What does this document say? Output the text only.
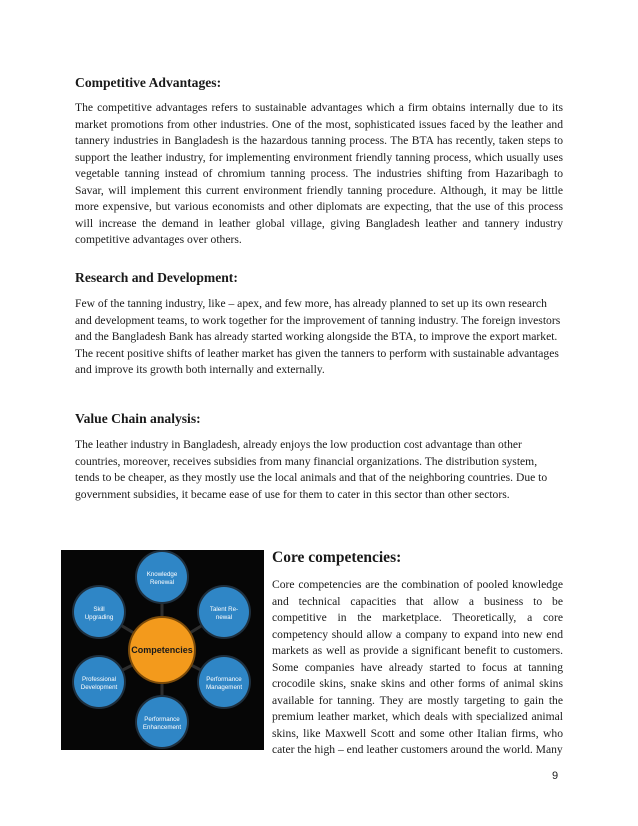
Competitive Advantages:

The competitive advantages refers to sustainable advantages which a firm obtains internally due to its market promotions from other industries. One of the most, sophisticated issues faced by the leather and tannery industries in Bangladesh is the hazardous tanning process. The BTA has recently, taken steps to support the leather industry, for implementing environment friendly tanning process, which usually uses vegetable tanning instead of chromium tanning process. The industries shifting from Hazaribagh to Savar, will implement this current environment friendly tanning procedure. Although, it may be little more expensive, but various economists and other diplomats are expecting, that the use of this process will increase the demand in leather global village, giving Bangladesh leather and tannery industry competitive advantages over others.

Research and Development:

Few of the tanning industry, like – apex, and few more, has already planned to set up its own research and development teams, to work together for the improvement of tanning industry. The foreign investors and the Bangladesh Bank has already started working alongside the BTA, to improve the export market. The recent positive shifts of leather market has given the tanners to perform with sustainable advantages and improve its growth both internally and externally.

Value Chain analysis:

The leather industry in Bangladesh, already enjoys the low production cost advantage than other countries, moreover, receives subsidies from many financial organizations. The distribution system, tends to be cheaper, as they mostly use the local animals and that of the neighboring countries. Due to government subsidies, it became ease of use for them to cater in this sector than other sectors.

Knowledge Renewal
Talent Re-newal
Performance Management
Performance Enhancement
Professional Development
Skill Upgrading
Competencies
Core competencies:

Core competencies are the combination of pooled knowledge and technical capacities that allow a business to be competitive in the marketplace. Theoretically, a core competency should allow a company to expand into new end markets as well as provide a significant benefit to customers. Some companies have already started to focus at tanning crocodile skins, snake skins and other forms of animal skins available for tanning. They are mostly targeting to gain the premium leather market, which deals with specialized animal skins, like Maxwell Scott and some other Italian firms, who cater the high – end leather customers around the world. Many

9
